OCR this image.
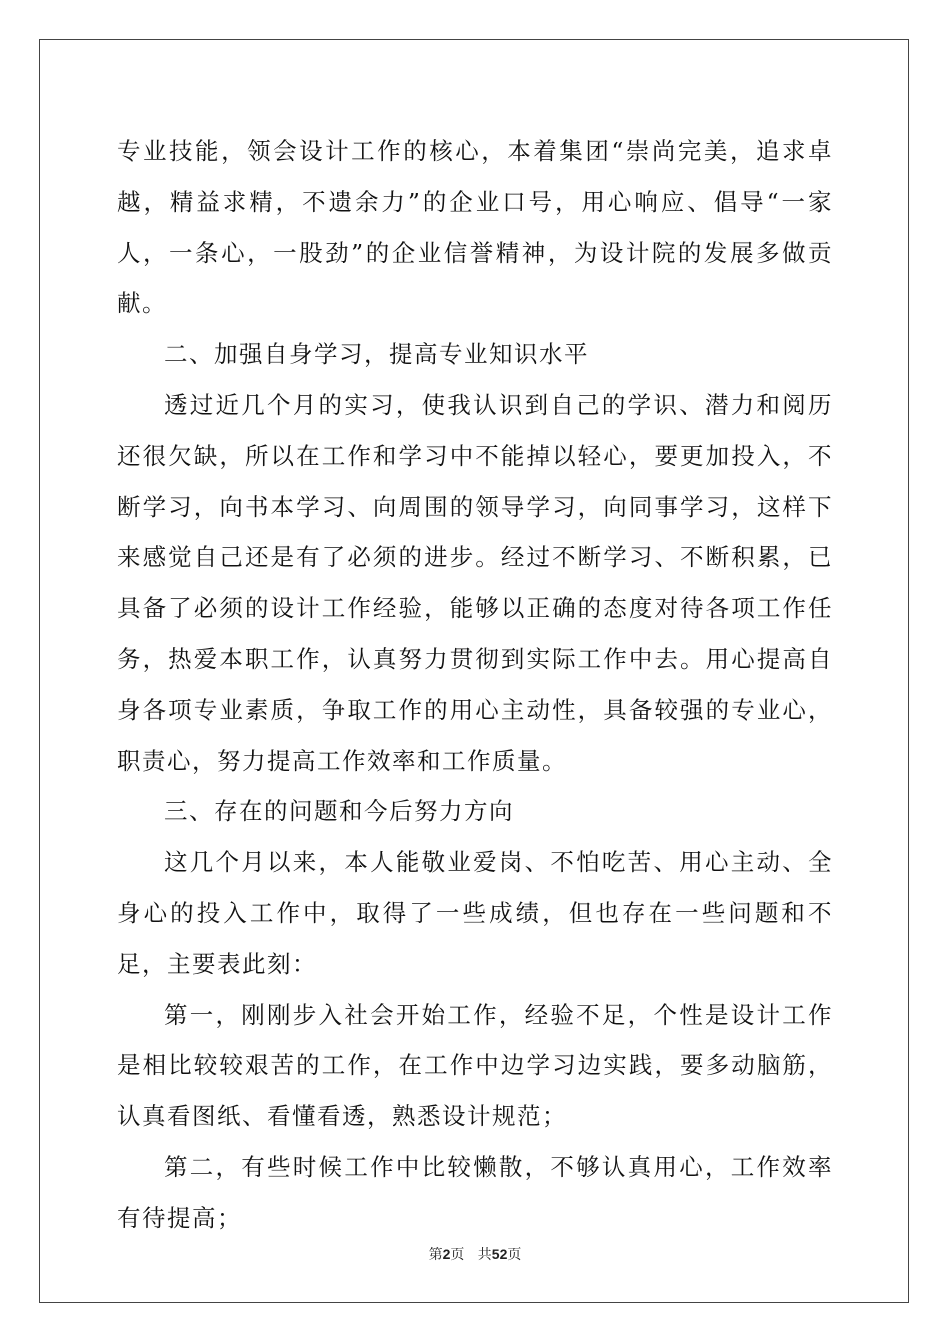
专业技能，领会设计工作的核心，本着集团“崇尚完美，追求卓越，精益求精，不遗余力”的企业口号，用心响应、倡导“一家人，一条心，一股劲”的企业信誉精神，为设计院的发展多做贡献。

二、加强自身学习，提高专业知识水平

透过近几个月的实习，使我认识到自己的学识、潜力和阅历还很欠缺，所以在工作和学习中不能掉以轻心，要更加投入，不断学习，向书本学习、向周围的领导学习，向同事学习，这样下来感觉自己还是有了必须的进步。经过不断学习、不断积累，已具备了必须的设计工作经验，能够以正确的态度对待各项工作任务，热爱本职工作，认真努力贯彻到实际工作中去。用心提高自身各项专业素质，争取工作的用心主动性，具备较强的专业心，职责心，努力提高工作效率和工作质量。

三、存在的问题和今后努力方向

这几个月以来，本人能敬业爱岗、不怕吃苦、用心主动、全身心的投入工作中，取得了一些成绩，但也存在一些问题和不足，主要表此刻：

第一，刚刚步入社会开始工作，经验不足，个性是设计工作是相比较较艰苦的工作，在工作中边学习边实践，要多动脑筋，认真看图纸、看懂看透，熟悉设计规范；

第二，有些时候工作中比较懒散，不够认真用心，工作效率有待提高；

第2页 共52页
